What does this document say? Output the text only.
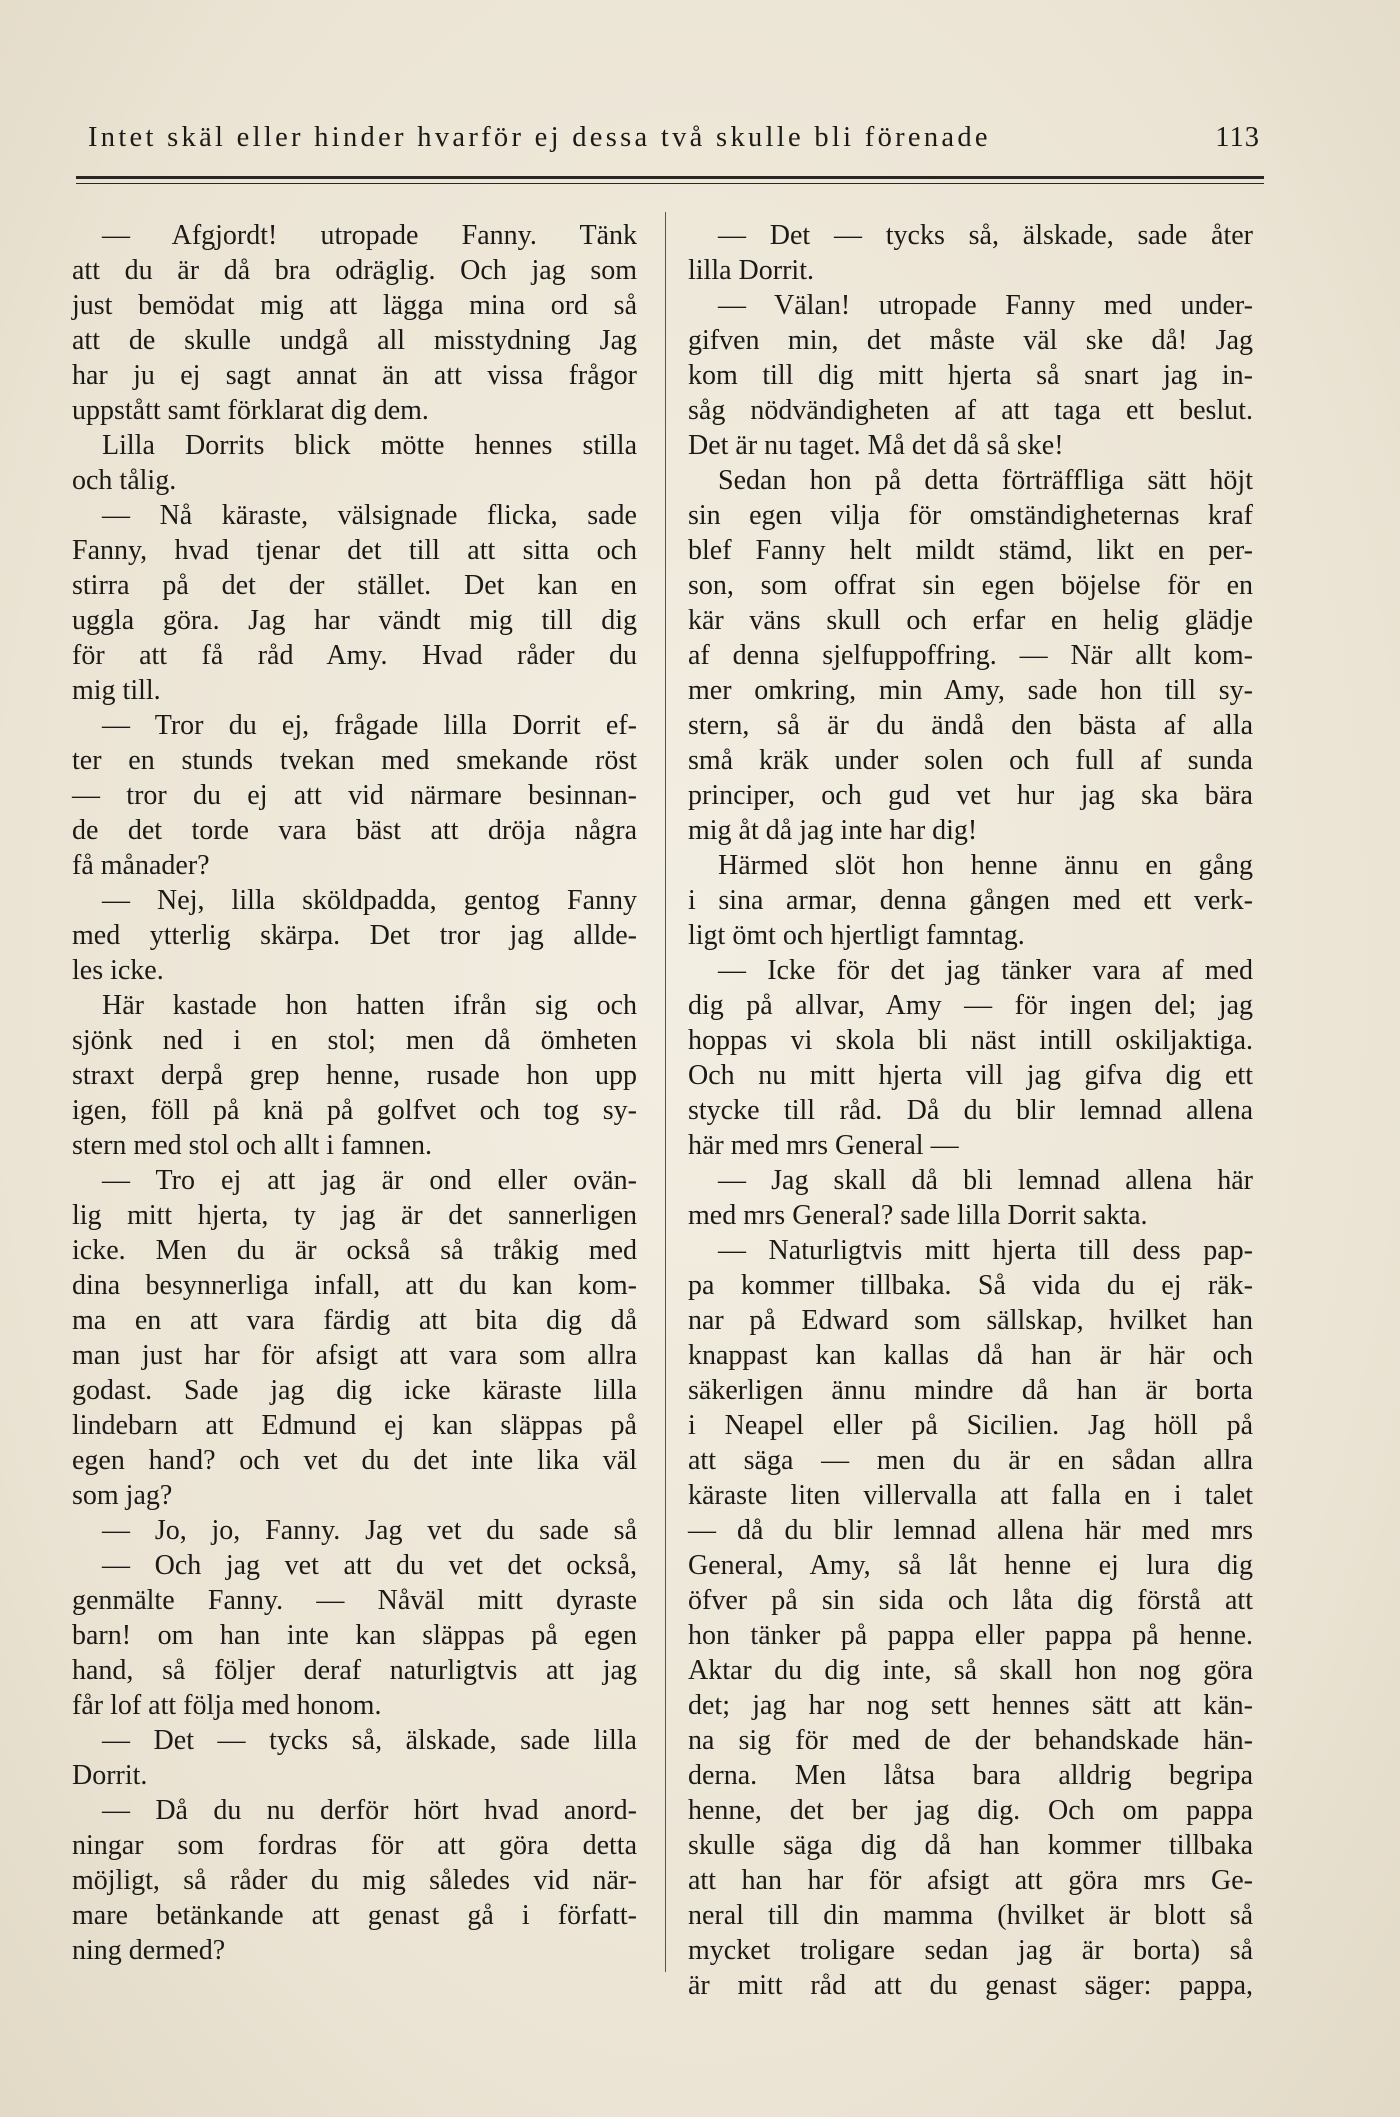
Intet skäl eller hinder hvarför ej dessa två skulle bli förenade	113
— Afgjordt! utropade Fanny. Tänk
att du är då bra odräglig. Och jag som
just bemödat mig att lägga mina ord så
att de skulle undgå all misstydning Jag
har ju ej sagt annat än att vissa frågor
uppstått samt förklarat dig dem.
Lilla Dorrits blick mötte hennes stilla
och tålig.
— Nå käraste, välsignade flicka, sade
Fanny, hvad tjenar det till att sitta och
stirra på det der stället. Det kan en
uggla göra. Jag har vändt mig till dig
för att få råd Amy. Hvad råder du
mig till.
— Tror du ej, frågade lilla Dorrit ef-
ter en stunds tvekan med smekande röst
— tror du ej att vid närmare besinnan-
de det torde vara bäst att dröja några
få månader?
— Nej, lilla sköldpadda, gentog Fanny
med ytterlig skärpa. Det tror jag allde-
les icke.
Här kastade hon hatten ifrån sig och
sjönk ned i en stol; men då ömheten
straxt derpå grep henne, rusade hon upp
igen, föll på knä på golfvet och tog sy-
stern med stol och allt i famnen.
— Tro ej att jag är ond eller ovän-
lig mitt hjerta, ty jag är det sannerligen
icke. Men du är också så tråkig med
dina besynnerliga infall, att du kan kom-
ma en att vara färdig att bita dig då
man just har för afsigt att vara som allra
godast. Sade jag dig icke käraste lilla
lindebarn att Edmund ej kan släppas på
egen hand? och vet du det inte lika väl
som jag?
— Jo, jo, Fanny. Jag vet du sade så
— Och jag vet att du vet det också,
genmälte Fanny. — Nåväl mitt dyraste
barn! om han inte kan släppas på egen
hand, så följer deraf naturligtvis att jag
får lof att följa med honom.
— Det — tycks så, älskade, sade lilla
Dorrit.
— Då du nu derför hört hvad anord-
ningar som fordras för att göra detta
möjligt, så råder du mig således vid när-
mare betänkande att genast gå i författ-
ning dermed?
— Det — tycks så, älskade, sade åter
lilla Dorrit.
— Välan! utropade Fanny med under-
gifven min, det måste väl ske då! Jag
kom till dig mitt hjerta så snart jag in-
såg nödvändigheten af att taga ett beslut.
Det är nu taget. Må det då så ske!
Sedan hon på detta förträffliga sätt höjt
sin egen vilja för omständigheternas kraf
blef Fanny helt mildt stämd, likt en per-
son, som offrat sin egen böjelse för en
kär väns skull och erfar en helig glädje
af denna sjelfuppoffring. — När allt kom-
mer omkring, min Amy, sade hon till sy-
stern, så är du ändå den bästa af alla
små kräk under solen och full af sunda
principer, och gud vet hur jag ska bära
mig åt då jag inte har dig!
Härmed slöt hon henne ännu en gång
i sina armar, denna gången med ett verk-
ligt ömt och hjertligt famntag.
— Icke för det jag tänker vara af med
dig på allvar, Amy — för ingen del; jag
hoppas vi skola bli näst intill oskiljaktiga.
Och nu mitt hjerta vill jag gifva dig ett
stycke till råd. Då du blir lemnad allena
här med mrs General —
— Jag skall då bli lemnad allena här
med mrs General? sade lilla Dorrit sakta.
— Naturligtvis mitt hjerta till dess pap-
pa kommer tillbaka. Så vida du ej räk-
nar på Edward som sällskap, hvilket han
knappast kan kallas då han är här och
säkerligen ännu mindre då han är borta
i Neapel eller på Sicilien. Jag höll på
att säga — men du är en sådan allra
käraste liten villervalla att falla en i talet
— då du blir lemnad allena här med mrs
General, Amy, så låt henne ej lura dig
öfver på sin sida och låta dig förstå att
hon tänker på pappa eller pappa på henne.
Aktar du dig inte, så skall hon nog göra
det; jag har nog sett hennes sätt att kän-
na sig för med de der behandskade hän-
derna. Men låtsa bara alldrig begripa
henne, det ber jag dig. Och om pappa
skulle säga dig då han kommer tillbaka
att han har för afsigt att göra mrs Ge-
neral till din mamma (hvilket är blott så
mycket troligare sedan jag är borta) så
är mitt råd att du genast säger: pappa,
